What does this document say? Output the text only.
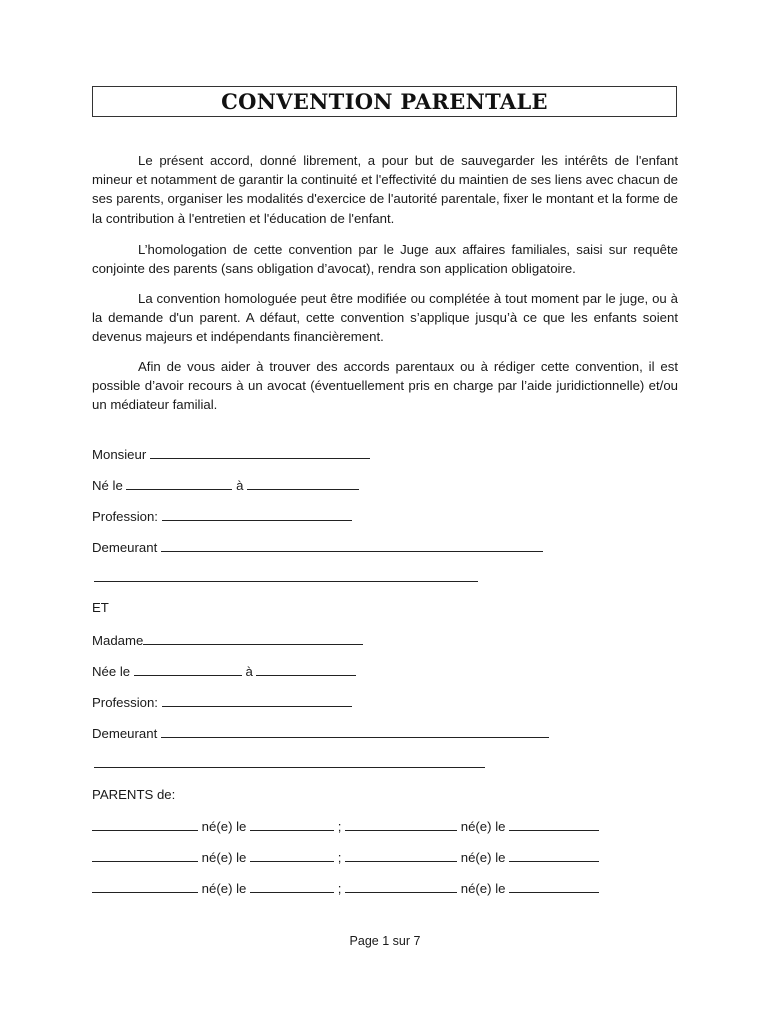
CONVENTION PARENTALE

Le présent accord, donné librement, a pour but de sauvegarder les intérêts de l'enfant mineur et notamment de garantir la continuité et l'effectivité du maintien de ses liens avec chacun de ses parents, organiser les modalités d'exercice de l'autorité parentale, fixer le montant et la forme de la contribution à l'entretien et l'éducation de l'enfant.

L’homologation de cette convention par le Juge aux affaires familiales, saisi sur requête conjointe des parents (sans obligation d’avocat), rendra son application obligatoire.

La convention homologuée peut être modifiée ou complétée à tout moment par le juge, ou à la demande d'un parent. A défaut, cette convention s’applique jusqu’à ce que les enfants soient devenus majeurs et indépendants financièrement.

Afin de vous aider à trouver des accords parentaux ou à rédiger cette convention, il est possible d’avoir recours à un avocat (éventuellement pris en charge par l’aide juridictionnelle) et/ou un médiateur familial.

Monsieur
Né le	à
Profession:
Demeurant
ET
Madame
Née le	à
Profession:
Demeurant
PARENTS de:
né(e) le	;	né(e) le
né(e) le	;	né(e) le
né(e) le	;	né(e) le
Page 1 sur 7
